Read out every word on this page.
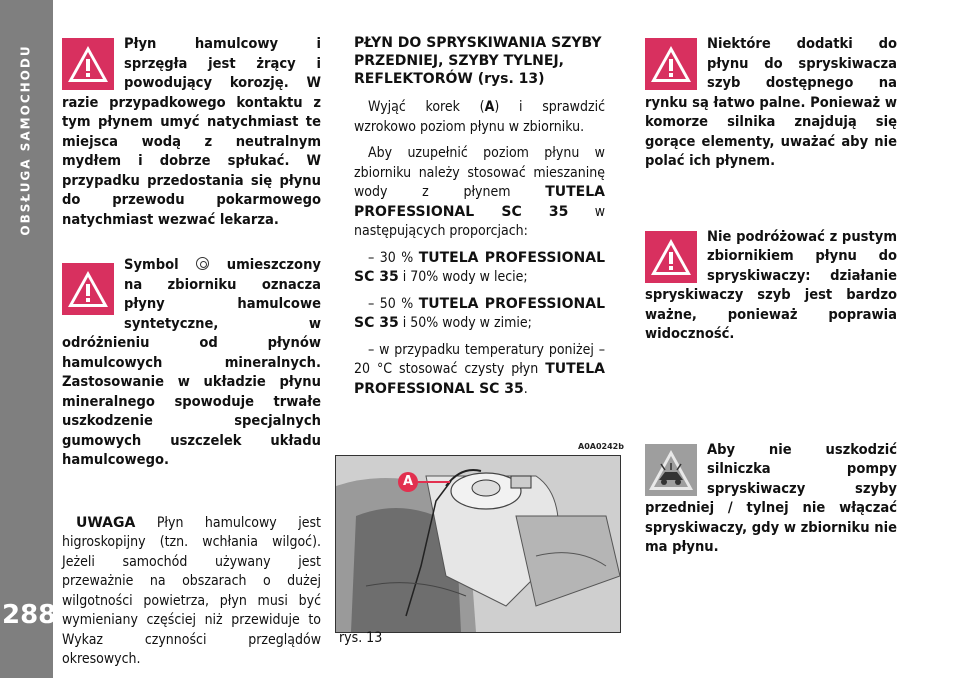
OBSŁUGA SAMOCHODU
288

Płyn hamulcowy i sprzęgła jest żrący i powodujący korozję. W razie przypadkowego kontaktu z tym płynem umyć natychmiast te miejsca wodą z neutralnym mydłem i dobrze spłukać. W przypadku przedostania się płynu do przewodu pokarmowego natychmiast wezwać lekarza.

Symbol	umieszczony na zbiorniku oznacza płyny hamulcowe syntetyczne, w odróżnieniu od płynów hamulcowych mineralnych. Zastosowanie w układzie płynu mineralnego spowoduje trwałe uszkodzenie specjalnych gumowych uszczelek układu hamulcowego.

UWAGA Płyn hamulcowy jest higroskopijny (tzn. wchłania wilgoć). Jeżeli samochód używany jest przeważnie na obszarach o dużej wilgotności powietrza, płyn musi być wymieniany częściej niż przewiduje to Wykaz czynności przeglądów okresowych.

PŁYN DO SPRYSKIWANIA SZYBY PRZEDNIEJ, SZYBY TYLNEJ, REFLEKTORÓW (rys. 13)

Wyjąć korek (A) i sprawdzić wzrokowo poziom płynu w zbiorniku.

Aby uzupełnić poziom płynu w zbiorniku należy stosować mieszaninę wody z płynem TUTELA PROFESSIONAL SC 35 w następujących proporcjach:

– 30 % TUTELA PROFESSIONAL SC 35 i 70% wody w lecie;

– 50 % TUTELA PROFESSIONAL SC 35 i 50% wody w zimie;

– w przypadku temperatury poniżej –20 °C stosować czysty płyn TUTELA PROFESSIONAL SC 35.

A0A0242b
A
rys. 13

Niektóre dodatki do płynu do spryskiwacza szyb dostępnego na rynku są łatwo palne. Ponieważ w komorze silnika znajdują się gorące elementy, uważać aby nie polać ich płynem.

Nie podróżować z pustym zbiornikiem płynu do spryskiwaczy: działanie spryskiwaczy szyb jest bardzo ważne, ponieważ poprawia widoczność.

Aby nie uszkodzić silniczka pompy spryskiwaczy szyby przedniej / tylnej nie włączać spryskiwaczy, gdy w zbiorniku nie ma płynu.
